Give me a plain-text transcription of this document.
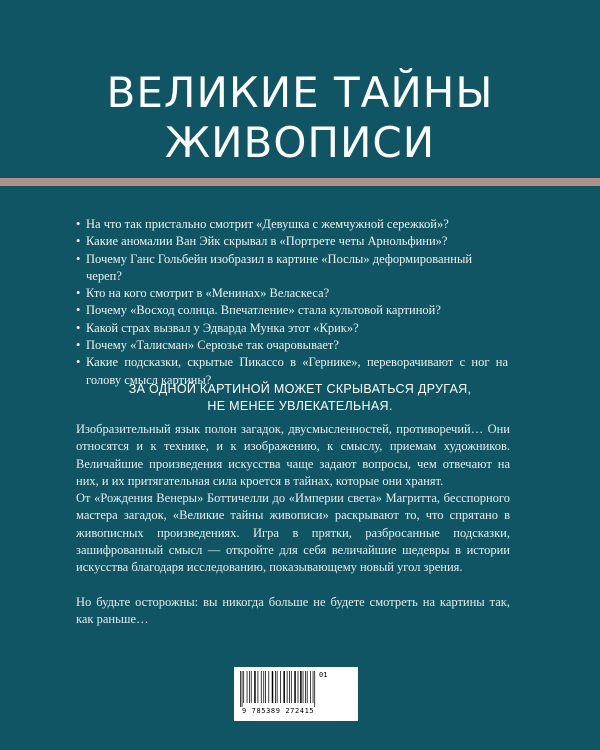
ВЕЛИКИЕ ТАЙНЫ
ЖИВОПИСИ
• На что так пристально смотрит «Девушка с жемчужной сережкой»?
• Какие аномалии Ван Эйк скрывал в «Портрете четы Арнольфини»?
• Почему Ганс Гольбейн изобразил в картине «Послы» деформированный череп?
• Кто на кого смотрит в «Менинах» Веласкеса?
• Почему «Восход солнца. Впечатление» стала культовой картиной?
• Какой страх вызвал у Эдварда Мунка этот «Крик»?
• Почему «Талисман» Серюзье так очаровывает?
• Какие подсказки, скрытые Пикассо в «Гернике», переворачивают с ног на голову смысл картины?
ЗА ОДНОЙ КАРТИНОЙ МОЖЕТ СКРЫВАТЬСЯ ДРУГАЯ,
НЕ МЕНЕЕ УВЛЕКАТЕЛЬНАЯ.

Изобразительный язык полон загадок, двусмысленностей, противоречий… Они относятся и к технике, и к изображению, к смыслу, приемам художников. Величайшие произведения искусства чаще задают вопросы, чем отвечают на них, и их притягательная сила кроется в тайнах, которые они хранят.

От «Рождения Венеры» Боттичелли до «Империи света» Магритта, бесспорного мастера загадок, «Великие тайны живописи» раскрывают то, что спрятано в живописных произведениях. Игра в прятки, разбросанные подсказки, зашифрованный смысл — откройте для себя величайшие шедевры в истории искусства благодаря исследованию, показывающему новый угол зрения.

Но будьте осторожны: вы никогда больше не будете смотреть на картины так, как раньше…

01
9 785389 272415
